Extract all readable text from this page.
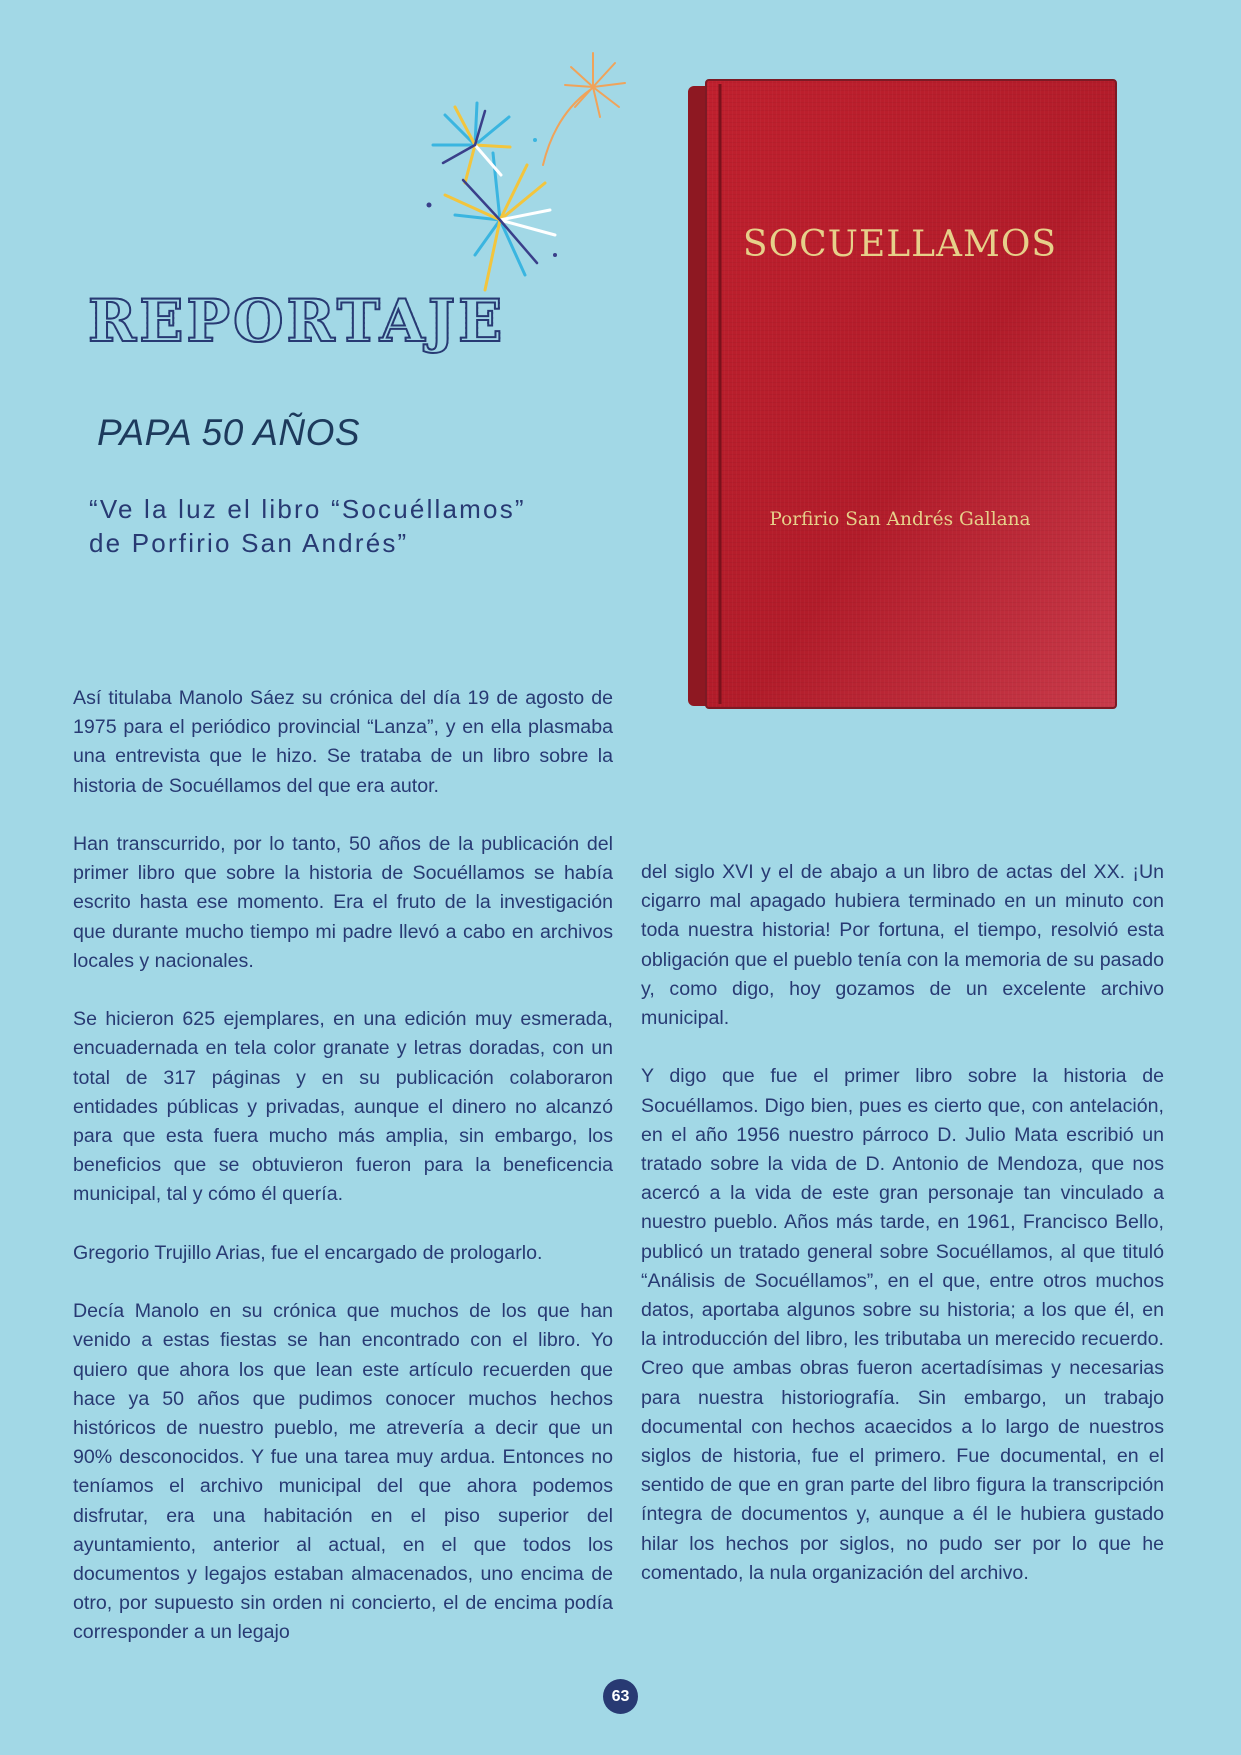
REPORTAJE
PAPA 50 AÑOS
“Ve la luz el libro “Socuéllamos”
de Porfirio San Andrés”
SOCUELLAMOS
Porfirio San Andrés Gallana

Así titulaba Manolo Sáez su crónica del día 19 de agosto de 1975 para el periódico provincial “Lanza”, y en ella plasmaba una entrevista que le hizo. Se trataba de un libro sobre la historia de Socuéllamos del que era autor.

Han transcurrido, por lo tanto, 50 años de la publicación del primer libro que sobre la historia de Socuéllamos se había escrito hasta ese momento. Era el fruto de la investigación que durante mucho tiempo mi padre llevó a cabo en archivos locales y nacionales.

Se hicieron 625 ejemplares, en una edición muy esmerada, encuadernada en tela color granate y letras doradas, con un total de 317 páginas y en su publicación colaboraron entidades públicas y privadas, aunque el dinero no alcanzó para que esta fuera mucho más amplia, sin embargo, los beneficios que se obtuvieron fueron para la beneficencia municipal, tal y cómo él quería.

Gregorio Trujillo Arias, fue el encargado de prologarlo.

Decía Manolo en su crónica que muchos de los que han venido a estas fiestas se han encontrado con el libro. Yo quiero que ahora los que lean este artículo recuerden que hace ya 50 años que pudimos conocer muchos hechos históricos de nuestro pueblo, me atrevería a decir que un 90% desconocidos. Y fue una tarea muy ardua. Entonces no teníamos el archivo municipal del que ahora podemos disfrutar, era una habitación en el piso superior del ayuntamiento, anterior al actual, en el que todos los documentos y legajos estaban almacenados, uno encima de otro, por supuesto sin orden ni concierto, el de encima podía corresponder a un legajo

del siglo XVI y el de abajo a un libro de actas del XX. ¡Un cigarro mal apagado hubiera terminado en un minuto con toda nuestra historia! Por fortuna, el tiempo, resolvió esta obligación que el pueblo tenía con la memoria de su pasado y, como digo, hoy gozamos de un excelente archivo municipal.

Y digo que fue el primer libro sobre la historia de Socuéllamos. Digo bien, pues es cierto que, con antelación, en el año 1956 nuestro párroco D. Julio Mata escribió un tratado sobre la vida de D. Antonio de Mendoza, que nos acercó a la vida de este gran personaje tan vinculado a nuestro pueblo. Años más tarde, en 1961, Francisco Bello, publicó un tratado general sobre Socuéllamos, al que tituló “Análisis de Socuéllamos”, en el que, entre otros muchos datos, aportaba algunos sobre su historia; a los que él, en la introducción del libro, les tributaba un merecido recuerdo. Creo que ambas obras fueron acertadísimas y necesarias para nuestra historiografía. Sin embargo, un trabajo documental con hechos acaecidos a lo largo de nuestros siglos de historia, fue el primero. Fue documental, en el sentido de que en gran parte del libro figura la transcripción íntegra de documentos y, aunque a él le hubiera gustado hilar los hechos por siglos, no pudo ser por lo que he comentado, la nula organización del archivo.

63
